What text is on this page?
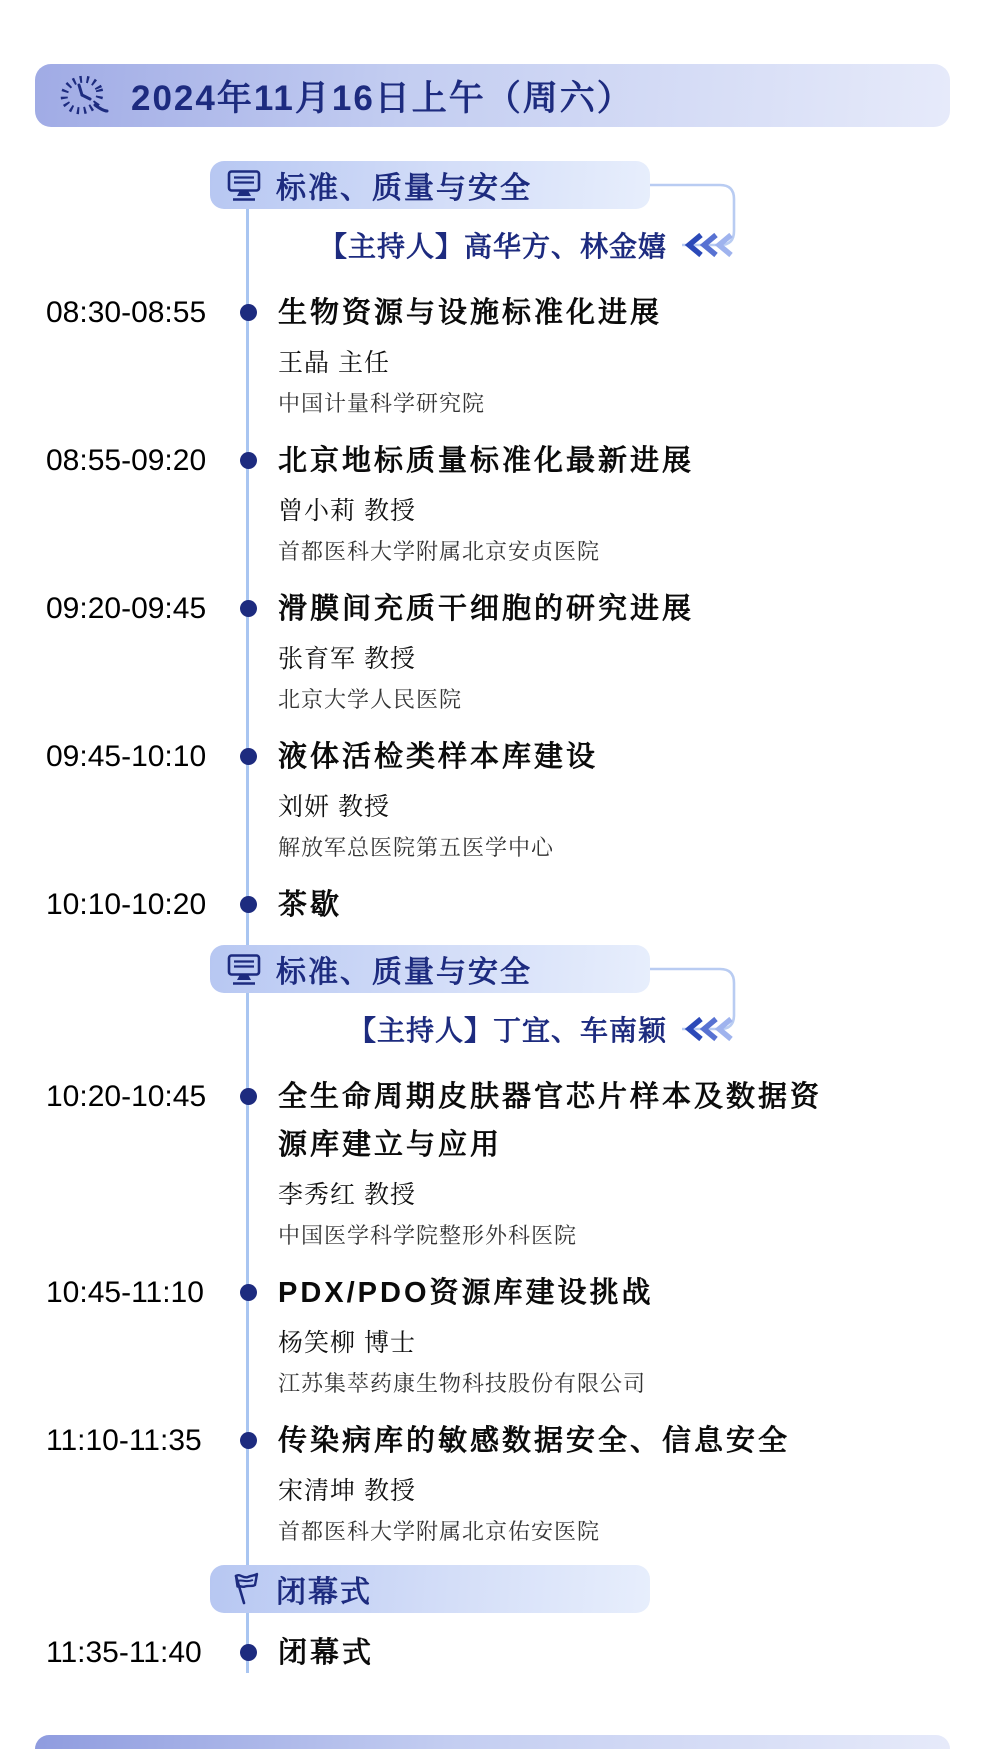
2024年11月16日上午（周六）
标准、质量与安全
【主持人】高华方、林金嬉
08:30-08:55	生物资源与设施标准化进展
王晶 主任
中国计量科学研究院
08:55-09:20	北京地标质量标准化最新进展
曾小莉 教授
首都医科大学附属北京安贞医院
09:20-09:45	滑膜间充质干细胞的研究进展
张育军 教授
北京大学人民医院
09:45-10:10	液体活检类样本库建设
刘妍 教授
解放军总医院第五医学中心
10:10-10:20	茶歇
标准、质量与安全
【主持人】丁宜、车南颖
10:20-10:45	全生命周期皮肤器官芯片样本及数据资源库建立与应用
李秀红 教授
中国医学科学院整形外科医院
10:45-11:10	PDX/PDO资源库建设挑战
杨笑柳 博士
江苏集萃药康生物科技股份有限公司
11:10-11:35	传染病库的敏感数据安全、信息安全
宋清坤 教授
首都医科大学附属北京佑安医院
闭幕式
11:35-11:40	闭幕式
